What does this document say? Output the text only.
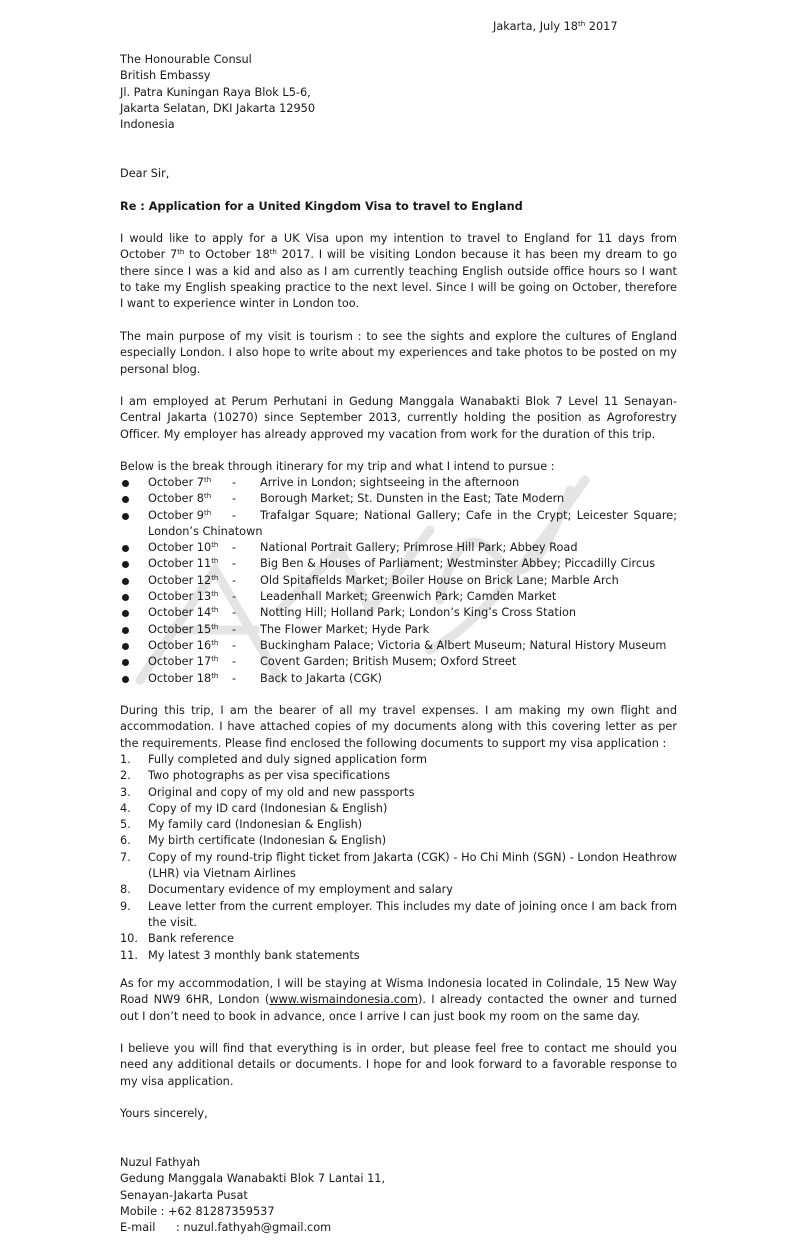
Jakarta, July 18th 2017

The Honourable Consul

British Embassy

Jl. Patra Kuningan Raya Blok L5-6,

Jakarta Selatan, DKI Jakarta 12950

Indonesia

Dear Sir,
Re : Application for a United Kingdom Visa to travel to England
I would like to apply for a UK Visa upon my intention to travel to England for 11 days from October 7th to October 18th 2017. I will be visiting London because it has been my dream to go there since I was a kid and also as I am currently teaching English outside office hours so I want to take my English speaking practice to the next level. Since I will be going on October, therefore I want to experience winter in London too.
The main purpose of my visit is tourism : to see the sights and explore the cultures of England especially London. I also hope to write about my experiences and take photos to be posted on my personal blog.
I am employed at Perum Perhutani in Gedung Manggala Wanabakti Blok 7 Level 11 Senayan- Central Jakarta (10270) since September 2013, currently holding the position as Agroforestry Officer. My employer has already approved my vacation from work for the duration of this trip.
Below is the break through itinerary for my trip and what I intend to pursue :
October 7th - Arrive in London; sightseeing in the afternoon
October 8th - Borough Market; St. Dunsten in the East; Tate Modern
October 9th -	Trafalgar Square; National Gallery; Cafe in the Crypt; Leicester Square; London’s Chinatown
October 10th - National Portrait Gallery; Primrose Hill Park; Abbey Road
October 11th - Big Ben & Houses of Parliament; Westminster Abbey; Piccadilly Circus
October 12th - Old Spitafields Market; Boiler House on Brick Lane; Marble Arch
October 13th - Leadenhall Market; Greenwich Park; Camden Market
October 14th - Notting Hill; Holland Park; London’s King’s Cross Station
October 15th - The Flower Market; Hyde Park
October 16th - Buckingham Palace; Victoria & Albert Museum; Natural History Museum
October 17th - Covent Garden; British Musem; Oxford Street
October 18th - Back to Jakarta (CGK)
During this trip, I am the bearer of all my travel expenses. I am making my own flight and accommodation. I have attached copies of my documents along with this covering letter as per the requirements. Please find enclosed the following documents to support my visa application :
1. Fully completed and duly signed application form
2. Two photographs as per visa specifications
3. Original and copy of my old and new passports
4. Copy of my ID card (Indonesian & English)
5. My family card (Indonesian & English)
6. My birth certificate (Indonesian & English)
7. Copy of my round-trip flight ticket from Jakarta (CGK) - Ho Chi Minh (SGN) - London Heathrow (LHR) via Vietnam Airlines
8. Documentary evidence of my employment and salary
9. Leave letter from the current employer. This includes my date of joining once I am back from the visit.
10. Bank reference
11. My latest 3 monthly bank statements
As for my accommodation, I will be staying at Wisma Indonesia located in Colindale, 15 New Way Road NW9 6HR, London (www.wismaindonesia.com). I already contacted the owner and turned out I don’t need to book in advance, once I arrive I can just book my room on the same day.
I believe you will find that everything is in order, but please feel free to contact me should you need any additional details or documents. I hope for and look forward to a favorable response to my visa application.
Yours sincerely,

Nuzul Fathyah

Gedung Manggala Wanabakti Blok 7 Lantai 11,

Senayan-Jakarta Pusat

Mobile : +62 81287359537

E-mail : nuzul.fathyah@gmail.com
